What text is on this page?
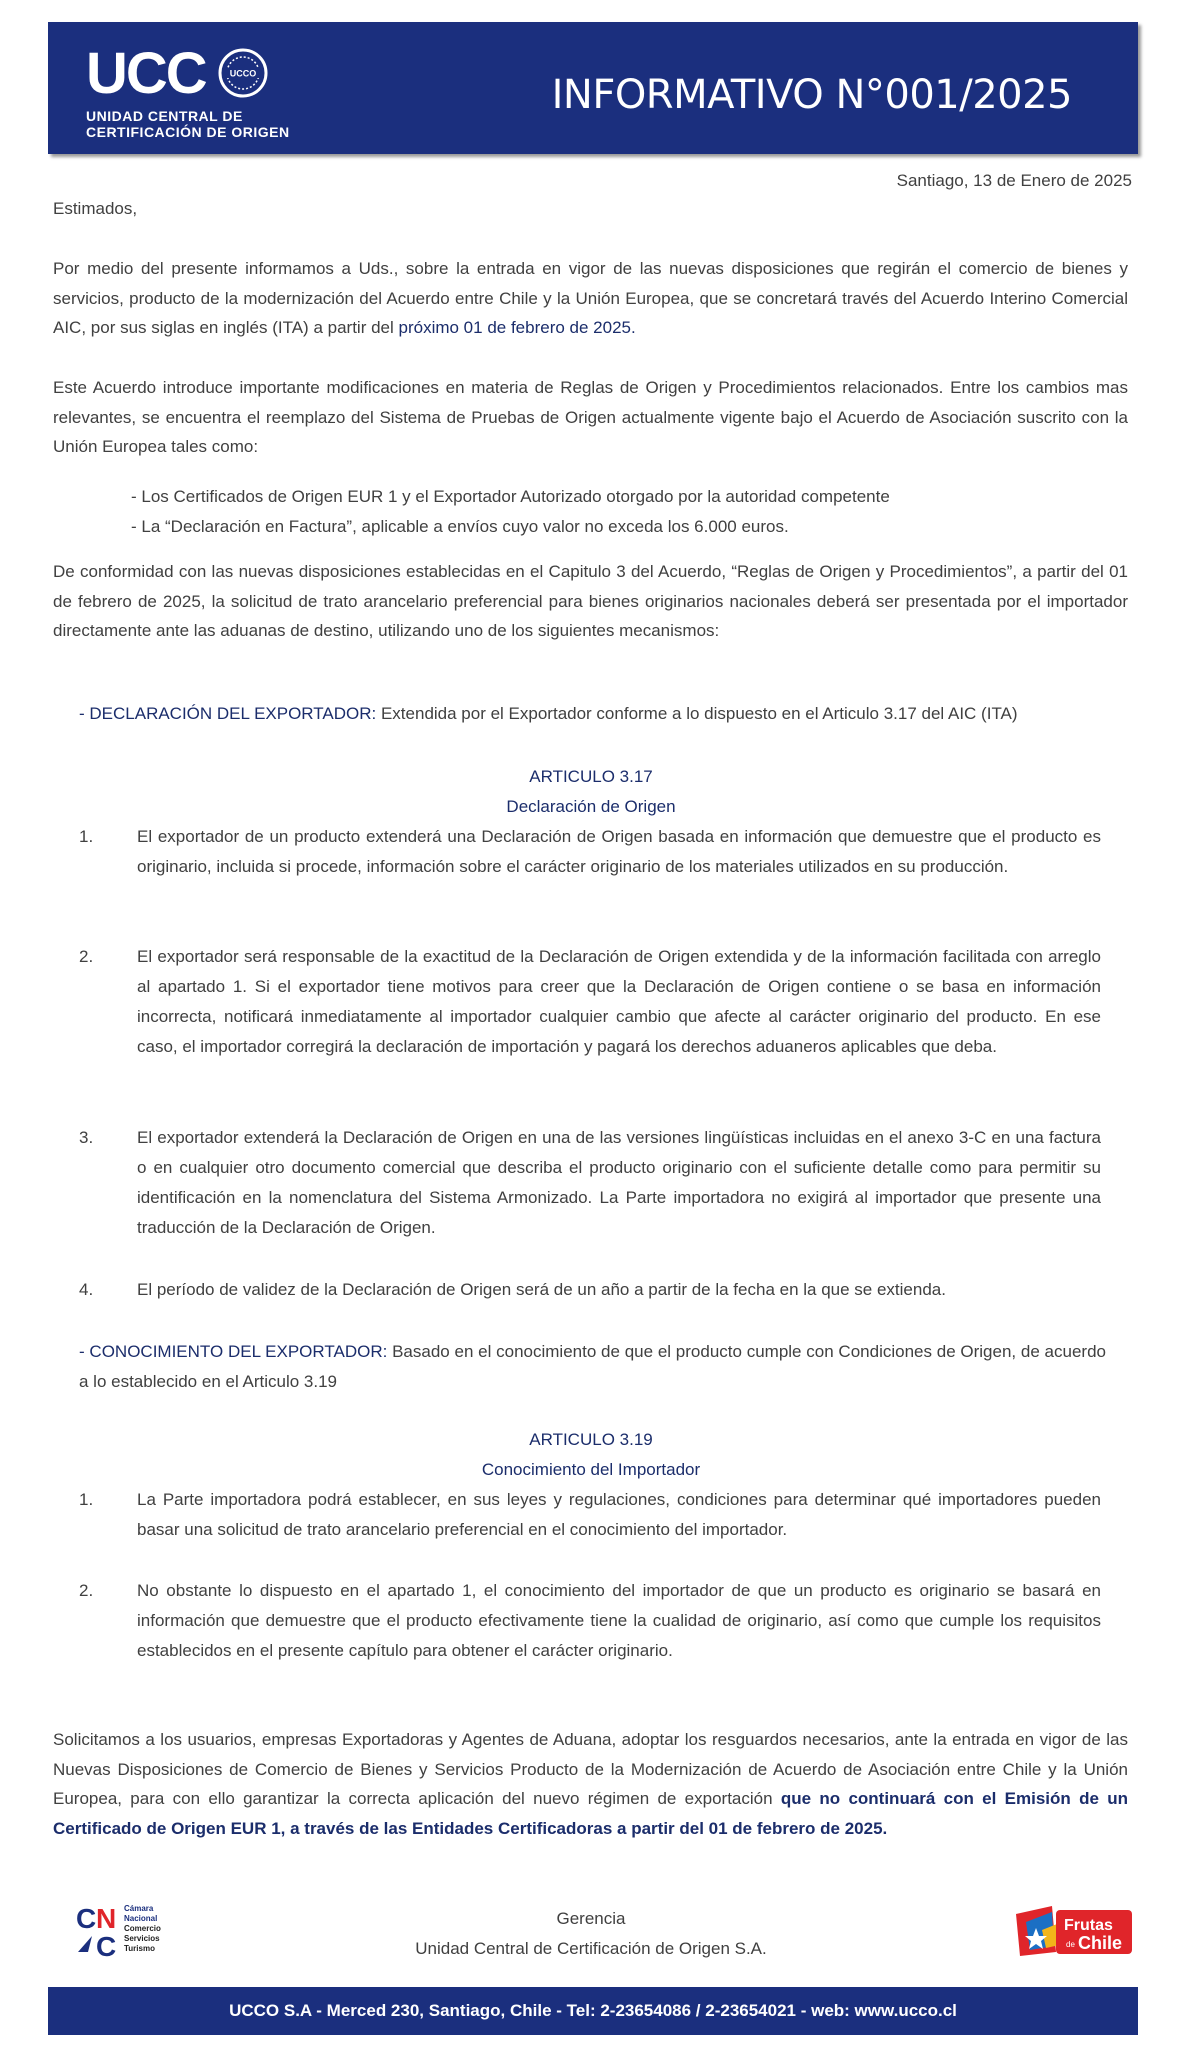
UCC	UCCO
UNIDAD CENTRAL DE
CERTIFICACIÓN DE ORIGEN
INFORMATIVO N°001/2025
Santiago, 13 de Enero de 2025
Estimados,
Por medio del presente informamos a Uds., sobre la entrada en vigor de las nuevas disposiciones que regirán el comercio de bienes y servicios, producto de la modernización del Acuerdo entre Chile y la Unión Europea, que se concretará través del Acuerdo Interino Comercial AIC, por sus siglas en inglés (ITA) a partir del próximo 01 de febrero de 2025.
Este Acuerdo introduce importante modificaciones en materia de Reglas de Origen y Procedimientos relacionados. Entre los cambios mas relevantes, se encuentra el reemplazo del Sistema de Pruebas de Origen actualmente vigente bajo el Acuerdo de Asociación suscrito con la Unión Europea tales como:
- Los Certificados de Origen EUR 1 y el Exportador Autorizado otorgado por la autoridad competente
- La “Declaración en Factura”, aplicable a envíos cuyo valor no exceda los 6.000 euros.
De conformidad con las nuevas disposiciones establecidas en el Capitulo 3 del Acuerdo, “Reglas de Origen y Procedimientos”, a partir del 01 de febrero de 2025, la solicitud de trato arancelario preferencial para bienes originarios nacionales deberá ser presentada por el importador directamente ante las aduanas de destino, utilizando uno de los siguientes mecanismos:
- DECLARACIÓN DEL EXPORTADOR: Extendida por el Exportador conforme a lo dispuesto en el Articulo 3.17 del AIC (ITA)
ARTICULO 3.17
Declaración de Origen
1.	El exportador de un producto extenderá una Declaración de Origen basada en información que demuestre que el producto es originario, incluida si procede, información sobre el carácter originario de los materiales utilizados en su producción.
2.	El exportador será responsable de la exactitud de la Declaración de Origen extendida y de la información facilitada con arreglo al apartado 1. Si el exportador tiene motivos para creer que la Declaración de Origen contiene o se basa en información incorrecta, notificará inmediatamente al importador cualquier cambio que afecte al carácter originario del producto. En ese caso, el importador corregirá la declaración de importación y pagará los derechos aduaneros aplicables que deba.
3.	El exportador extenderá la Declaración de Origen en una de las versiones lingüísticas incluidas en el anexo 3-C en una factura o en cualquier otro documento comercial que describa el producto originario con el suficiente detalle como para permitir su identificación en la nomenclatura del Sistema Armonizado. La Parte importadora no exigirá al importador que presente una traducción de la Declaración de Origen.
4.	El período de validez de la Declaración de Origen será de un año a partir de la fecha en la que se extienda.
- CONOCIMIENTO DEL EXPORTADOR: Basado en el conocimiento de que el producto cumple con Condiciones de Origen, de acuerdo a lo establecido en el Articulo 3.19
ARTICULO 3.19
Conocimiento del Importador
1.	La Parte importadora podrá establecer, en sus leyes y regulaciones, condiciones para determinar qué importadores pueden basar una solicitud de trato arancelario preferencial en el conocimiento del importador.
2.	No obstante lo dispuesto en el apartado 1, el conocimiento del importador de que un producto es originario se basará en información que demuestre que el producto efectivamente tiene la cualidad de originario, así como que cumple los requisitos establecidos en el presente capítulo para obtener el carácter originario.
Solicitamos a los usuarios, empresas Exportadoras y Agentes de Aduana, adoptar los resguardos necesarios, ante la entrada en vigor de las Nuevas Disposiciones de Comercio de Bienes y Servicios Producto de la Modernización de Acuerdo de Asociación entre Chile y la Unión Europea, para con ello garantizar la correcta aplicación del nuevo régimen de exportación que no continuará con el Emisión de un Certificado de Origen EUR 1, a través de las Entidades Certificadoras a partir del 01 de febrero de 2025.
C N
C
Cámara
Nacional
Comercio
Servicios
Turismo
Gerencia
Unidad Central de Certificación de Origen S.A.
Frutas
de Chile
UCCO S.A - Merced 230, Santiago, Chile - Tel: 2-23654086 / 2-23654021 - web: www.ucco.cl
